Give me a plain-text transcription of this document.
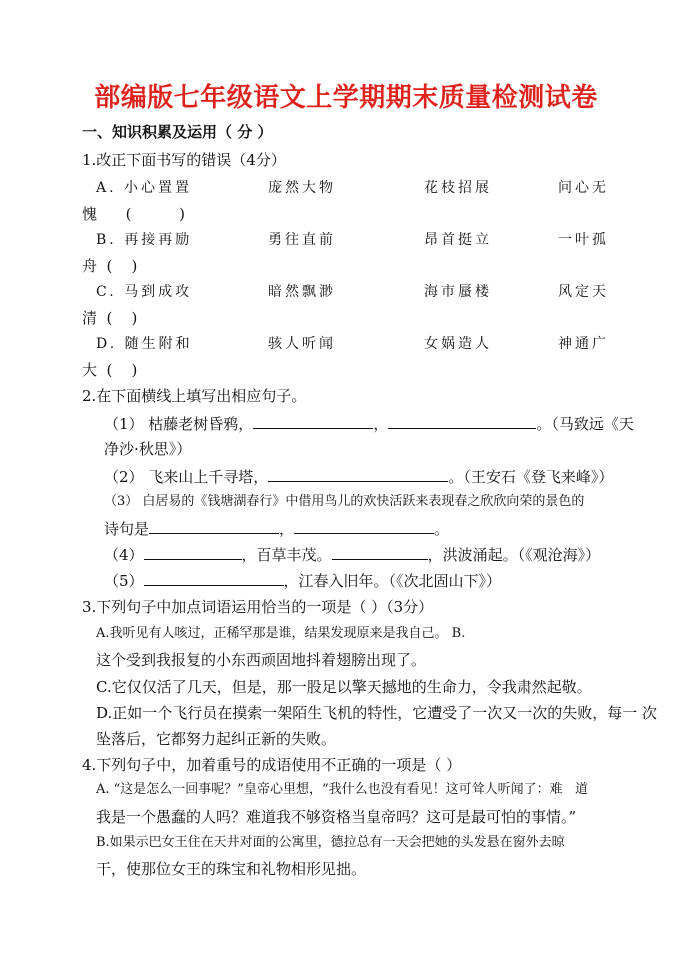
部编版七年级语文上学期期末质量检测试卷
一、知识积累及运用（ 分 ）
1.改正下面书写的错误（4分）
A. 小心置置	庞然大物	花枝招展	问心无
愧      (          )
B. 再接再励	勇往直前	昂首挺立	一叶孤
舟  (    )
C. 马到成攻	暗然飘渺	海市蜃楼	风定天
清  (    )
D. 随生附和	骇人听闻	女娲造人	神通广
大  (    )
2.在下面横线上填写出相应句子。
（1） 枯藤老树昏鸦，	，	。（马致远《天
净沙·秋思》）
（2） 飞来山上千寻塔，	。（王安石《登飞来峰》）
（3） 白居易的《钱塘湖春行》中借用鸟儿的欢快活跃来表现春之欣欣向荣的景色的
诗句是	，	。
（4）	，百草丰茂。	，洪波涌起。（《观沧海》）
（5）	，江春入旧年。（《次北固山下》）
3.下列句子中加点词语运用恰当的一项是（ ）（3分）
A.我听见有人咳过，正稀罕那是谁，结果发现原来是我自己。 B.
这个受到我报复的小东西顽固地抖着翅膀出现了。
C.它仅仅活了几天，但是，那一股足以擎天撼地的生命力，令我肃然起敬。
D.正如一个飞行员在摸索一架陌生飞机的特性，它遭受了一次又一次的失败，每一 次
坠落后，它都努力起纠正新的失败。
4.下列句子中，加着重号的成语使用不正确的一项是（ ）
A. “这是怎么一回事呢？”皇帝心里想，“我什么也没有看见！这可耸人听闻了：难   道
我是一个愚蠢的人吗？难道我不够资格当皇帝吗？这可是最可怕的事情。”
B.如果示巴女王住在天井对面的公寓里，德拉总有一天会把她的头发悬在窗外去晾
干，使那位女王的珠宝和礼物相形见拙。
